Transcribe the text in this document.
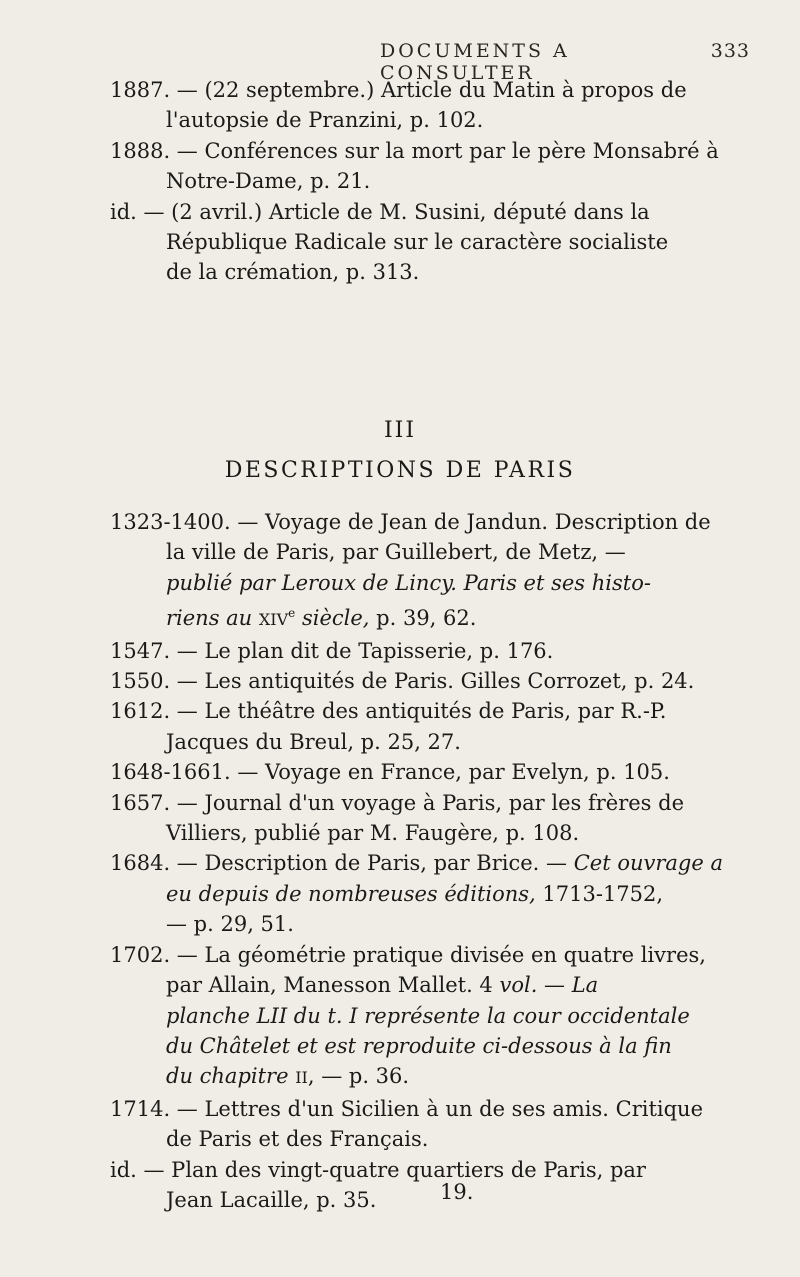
DOCUMENTS A CONSULTER
333
1887. — (22 septembre.) Article du Matin à propos de
l'autopsie de Pranzini, p. 102.
1888. — Conférences sur la mort par le père Monsabré à
Notre-Dame, p. 21.
id. — (2 avril.) Article de M. Susini, député dans la
République Radicale sur le caractère socialiste
de la crémation, p. 313.
III
DESCRIPTIONS DE PARIS
1323-1400. — Voyage de Jean de Jandun. Description de
la ville de Paris, par Guillebert, de Metz, —
publié par Leroux de Lincy. Paris et ses histo-
riens au XIVe siècle, p. 39, 62.
1547. — Le plan dit de Tapisserie, p. 176.
1550. — Les antiquités de Paris. Gilles Corrozet, p. 24.
1612. — Le théâtre des antiquités de Paris, par R.-P.
Jacques du Breul, p. 25, 27.
1648-1661. — Voyage en France, par Evelyn, p. 105.
1657. — Journal d'un voyage à Paris, par les frères de
Villiers, publié par M. Faugère, p. 108.
1684. — Description de Paris, par Brice. — Cet ouvrage a
eu depuis de nombreuses éditions, 1713-1752,
— p. 29, 51.
1702. — La géométrie pratique divisée en quatre livres,
par Allain, Manesson Mallet. 4 vol. — La
planche LII du t. I représente la cour occidentale
du Châtelet et est reproduite ci-dessous à la fin
du chapitre II, — p. 36.
1714. — Lettres d'un Sicilien à un de ses amis. Critique
de Paris et des Français.
id. — Plan des vingt-quatre quartiers de Paris, par
Jean Lacaille, p. 35.	19.
